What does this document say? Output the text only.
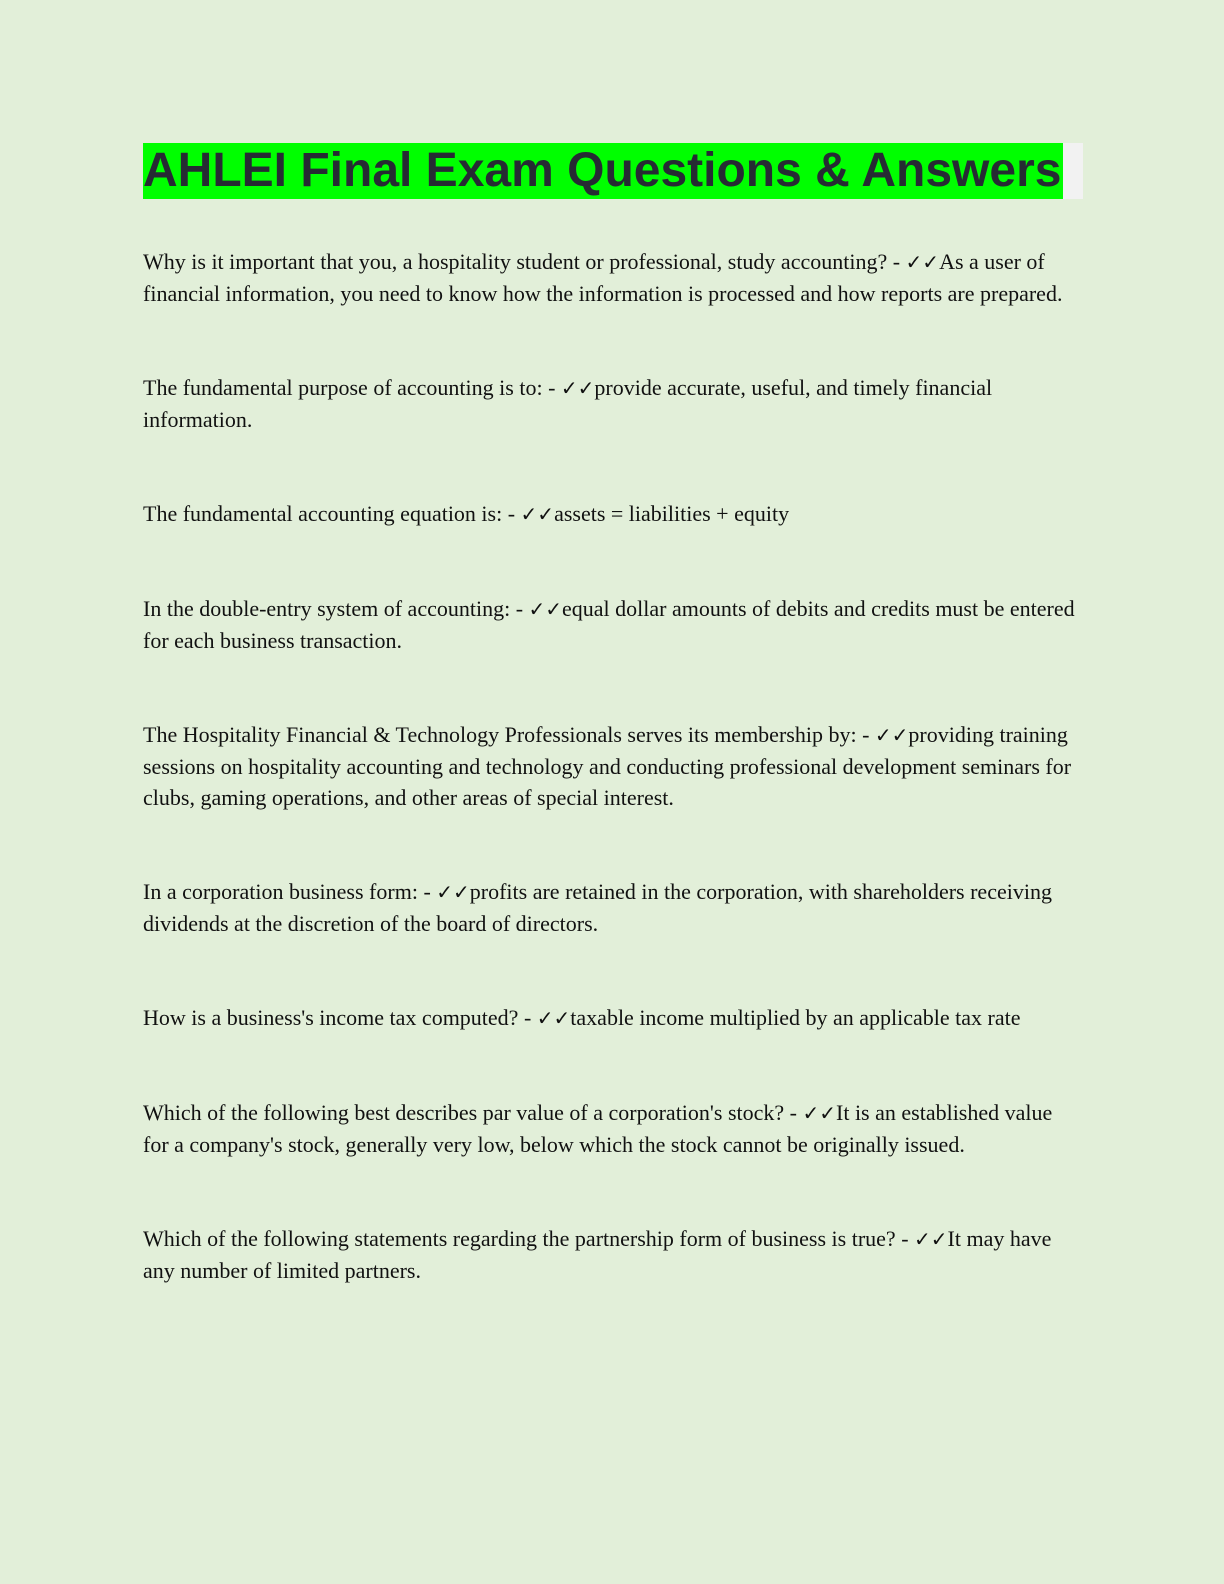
AHLEI Final Exam Questions & Answers

Why is it important that you, a hospitality student or professional, study accounting? - ✓✓As a user of financial information, you need to know how the information is processed and how reports are prepared.

The fundamental purpose of accounting is to: - ✓✓provide accurate, useful, and timely financial information.

The fundamental accounting equation is: - ✓✓assets = liabilities + equity

In the double-entry system of accounting: - ✓✓equal dollar amounts of debits and credits must be entered for each business transaction.

The Hospitality Financial & Technology Professionals serves its membership by: - ✓✓providing training sessions on hospitality accounting and technology and conducting professional development seminars for clubs, gaming operations, and other areas of special interest.

In a corporation business form: - ✓✓profits are retained in the corporation, with shareholders receiving dividends at the discretion of the board of directors.

How is a business's income tax computed? - ✓✓taxable income multiplied by an applicable tax rate

Which of the following best describes par value of a corporation's stock? - ✓✓It is an established value for a company's stock, generally very low, below which the stock cannot be originally issued.

Which of the following statements regarding the partnership form of business is true? - ✓✓It may have any number of limited partners.
